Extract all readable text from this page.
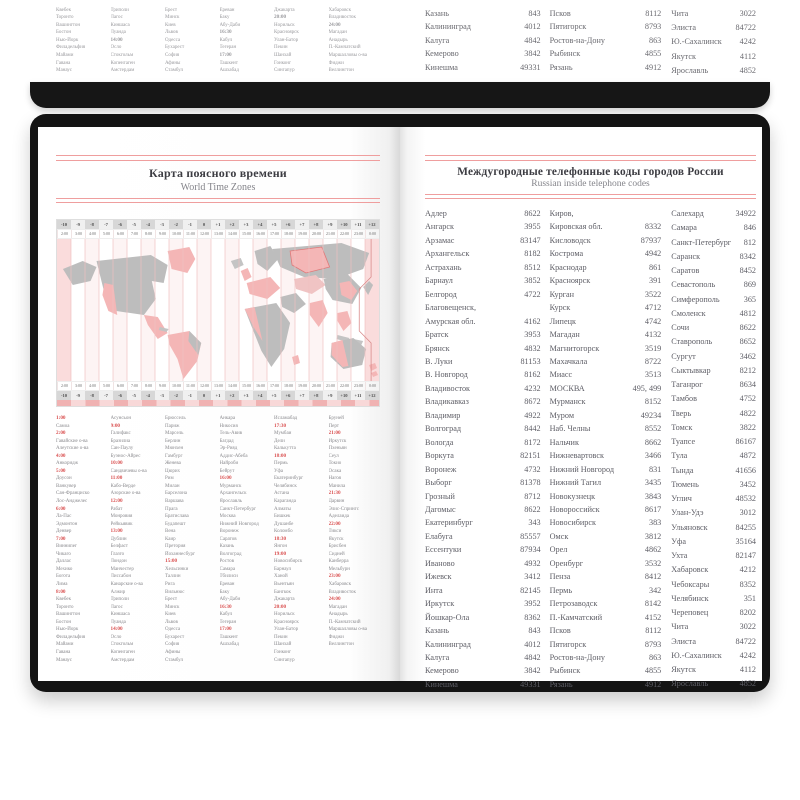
Квебек
Торонто
Вашингтон
Бостон
Нью-Йорк
Филадельфия
Майами
Гавана
Манаус
Триполи
Лагос
Киншаса
Луанда
14:00
Осло
Стокгольм
Копенгаген
Амстердам
Брест
Минск
Киев
Львов
Одесса
Бухарест
София
Афины
Стамбул
Ереван
Баку
Абу-Даби
16:30
Кабул
Тегеран
17:00
Ташкент
Ашхабад
Джакарта
20:00
Норильск
Красноярск
Улан-Батор
Пекин
Шанхай
Гонконг
Сингапур
Хабаровск
Владивосток
24:00
Магадан
Анадырь
П.-Камчатский
Маршалловы о-ва
Фиджи
Веллингтон
Казань	843
Калининград	4012
Калуга	4842
Кемерово	3842
Кинешма	49331
Псков	8112
Пятигорск	8793
Ростов-на-Дону	863
Рыбинск	4855
Рязань	4912
Чита	3022
Элиста	84722
Ю.-Сахалинск 4242
Якутск	4112
Ярославль	4852
Карта поясного времени
World Time Zones
-10	-9	-8	-7	-6	-5	-4	-3	-2	-1	0	+1	+2	+3	+4	+5	+6	+7	+8	+9	+10	+11	+12
2:00	3:00	4:00	5:00	6:00	7:00	8:00	9:00	10:00	11:00	12:00	13:00	14:00	15:00	16:00	17:00	18:00	19:00	20:00	21:00	22:00	23:00	0:00
2:00	3:00	4:00	5:00	6:00	7:00	8:00	9:00	10:00	11:00	12:00	13:00	14:00	15:00	16:00	17:00	18:00	19:00	20:00	21:00	22:00	23:00	0:00
-10	-9	-8	-7	-6	-5	-4	-3	-2	-1	0	+1	+2	+3	+4	+5	+6	+7	+8	+9	+10	+11	+12
1:00
Самоа
2:00
Гавайские о-ва
Алеутские о-ва
4:00
Анкоридж
5:00
Доусон
Ванкувер
Сан-Франциско
Лос-Анджелес
6:00
Ла-Пас
Эдмонтон
Денвер
7:00
Виннипег
Чикаго
Даллас
Мехико
Богота
Лима
8:00
Квебек
Торонто
Вашингтон
Бостон
Нью-Йорк
Филадельфия
Майами
Гавана
Манаус
Асунсьон
9:00
Галифакс
Бразилиа
Сан-Паулу
Буэнос-Айрес
10:00
Сандвичевы о-ва
11:00
Кабо-Верде
Азорские о-ва
12:00
Рабат
Монровия
Рейкьявик
13:00
Дублин
Белфаст
Глазго
Лондон
Манчестер
Лиссабон
Канарские о-ва
Алжир
Триполи
Лагос
Киншаса
Луанда
14:00
Осло
Стокгольм
Копенгаген
Амстердам
Брюссель
Париж
Марсель
Берлин
Мюнхен
Гамбург
Женева
Цюрих
Рим
Милан
Барселона
Варшава
Прага
Братислава
Будапешт
Вена
Каир
Претория
Йоханнесбург
15:00
Хельсинки
Таллин
Рига
Вильнюс
Брест
Минск
Киев
Львов
Одесса
Бухарест
София
Афины
Стамбул
Анкара
Никосия
Тель-Авив
Багдад
Эр-Рияд
Аддис-Абеба
Найроби
Бейрут
16:00
Мурманск
Архангельск
Ярославль
Санкт-Петербург
Москва
Нижний Новгород
Воронеж
Саратов
Казань
Волгоград
Ростов
Самара
Тбилиси
Ереван
Баку
Абу-Даби
16:30
Кабул
Тегеран
17:00
Ташкент
Ашхабад
Исламабад
17:30
Мумбаи
Дели
Калькутта
18:00
Пермь
Уфа
Екатеринбург
Челябинск
Астана
Караганда
Алматы
Бишкек
Душанбе
Коломбо
18:30
Янгон
19:00
Новосибирск
Барнаул
Ханой
Вьентьян
Бангкок
Джакарта
20:00
Норильск
Красноярск
Улан-Батор
Пекин
Шанхай
Гонконг
Сингапур
Бруней
Перт
21:00
Иркутск
Пхеньян
Сеул
Токио
Осака
Нагоя
Манила
21:30
Дарвин
Элис-Спрингс
Аделаида
22:00
Тикси
Якутск
Брисбен
Сидней
Канберра
Мельбурн
23:00
Хабаровск
Владивосток
24:00
Магадан
Анадырь
П.-Камчатский
Маршалловы о-ва
Фиджи
Веллингтон
Междугородные телефонные коды городов России
Russian inside telephone codes
Адлер	8622
Ангарск	3955
Арзамас	83147
Архангельск	8182
Астрахань	8512
Барнаул	3852
Белгород	4722
Благовещенск,
Амурская обл.	4162
Братск	3953
Брянск	4832
В. Луки	81153
В. Новгород	8162
Владивосток	4232
Владикавказ	8672
Владимир	4922
Волгоград	8442
Вологда	8172
Воркута	82151
Воронеж	4732
Выборг	81378
Грозный	8712
Дагомыс	8622
Екатеринбург	343
Елабуга	85557
Ессентуки	87934
Иваново	4932
Ижевск	3412
Инта	82145
Иркутск	3952
Йошкар-Ола	8362
Казань	843
Калининград	4012
Калуга	4842
Кемерово	3842
Кинешма	49331
Киров,
Кировская обл.	8332
Кисловодск	87937
Кострома	4942
Краснодар	861
Красноярск	391
Курган	3522
Курск	4712
Липецк	4742
Магадан	4132
Магнитогорск	3519
Махачкала	8722
Миасс	3513
МОСКВА	495, 499
Мурманск	8152
Муром	49234
Наб. Челны	8552
Нальчик	8662
Нижневартовск	3466
Нижний Новгород	831
Нижний Тагил	3435
Новокузнецк	3843
Новороссийск	8617
Новосибирск	383
Омск	3812
Орел	4862
Оренбург	3532
Пенза	8412
Пермь	342
Петрозаводск	8142
П.-Камчатский	4152
Псков	8112
Пятигорск	8793
Ростов-на-Дону	863
Рыбинск	4855
Рязань	4912
Салехард	34922
Самара	846
Санкт-Петербург 812
Саранск	8342
Саратов	8452
Севастополь	869
Симферополь	365
Смоленск	4812
Сочи	8622
Ставрополь	8652
Сургут	3462
Сыктывкар	8212
Таганрог	8634
Тамбов	4752
Тверь	4822
Томск	3822
Туапсе	86167
Тула	4872
Тында	41656
Тюмень	3452
Углич	48532
Улан-Удэ	3012
Ульяновск	84255
Уфа	35164
Ухта	82147
Хабаровск	4212
Чебоксары	8352
Челябинск	351
Череповец	8202
Чита	3022
Элиста	84722
Ю.-Сахалинск 4242
Якутск	4112
Ярославль	4852
